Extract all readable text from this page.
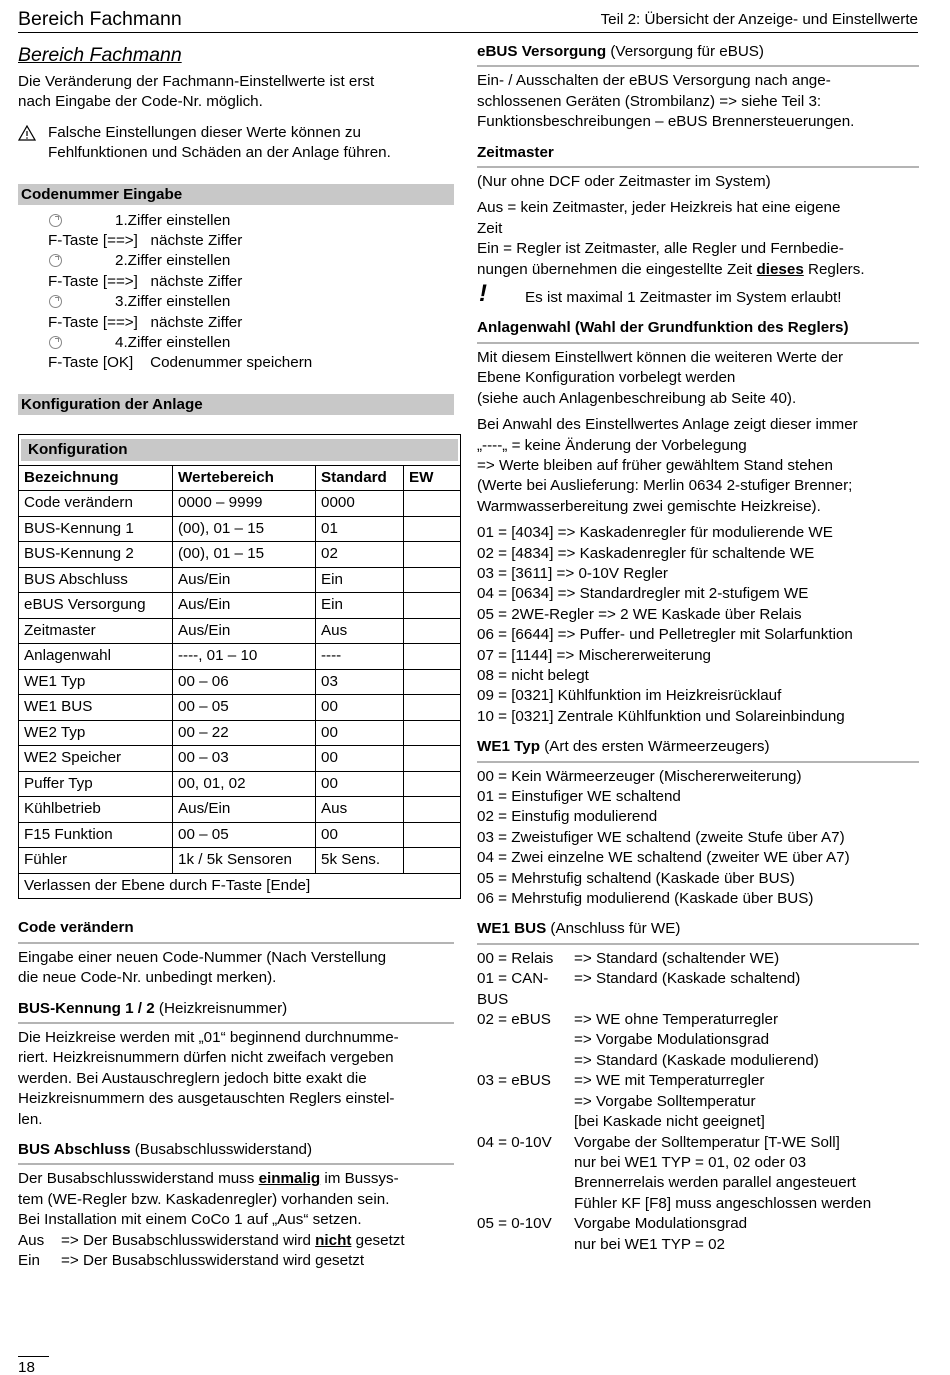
Bereich Fachmann	Teil 2: Übersicht der Anzeige- und Einstellwerte
Bereich Fachmann
Die Veränderung der Fachmann-Einstellwerte ist erst
nach Eingabe der Code-Nr. möglich.
Falsche Einstellungen dieser Werte können zu
Fehlfunktionen und Schäden an der Anlage führen.
Codenummer Eingabe
1.Ziffer einstellen
F-Taste [==>]   nächste Ziffer
2.Ziffer einstellen
F-Taste [==>]   nächste Ziffer
3.Ziffer einstellen
F-Taste [==>]   nächste Ziffer
4.Ziffer einstellen
F-Taste [OK]    Codenummer speichern
Konfiguration der Anlage
Konfiguration			

Bezeichnung	Wertebereich	Standard	EW
Code verändern	0000 – 9999	0000	
BUS-Kennung 1	(00), 01 – 15	01	
BUS-Kennung 2	(00), 01 – 15	02	
BUS Abschluss	Aus/Ein	Ein	
eBUS Versorgung	Aus/Ein	Ein	
Zeitmaster	Aus/Ein	Aus	
Anlagenwahl	----, 01 – 10	----	
WE1 Typ	00 – 06	03	
WE1 BUS	00 – 05	00	
WE2 Typ	00 – 22	00	
WE2 Speicher	00 – 03	00	
Puffer Typ	00, 01, 02	00	
Kühlbetrieb	Aus/Ein	Aus	
F15 Funktion	00 – 05	00	
Fühler	1k / 5k Sensoren	5k Sens.	
Verlassen der Ebene durch F-Taste [Ende]			
Code verändern
Eingabe einer neuen Code-Nummer (Nach Verstellung
die neue Code-Nr. unbedingt merken).
BUS-Kennung 1 / 2 (Heizkreisnummer)
Die Heizkreise werden mit „01“ beginnend durchnumme-
riert. Heizkreisnummern dürfen nicht zweifach vergeben
werden. Bei Austauschreglern jedoch bitte exakt die
Heizkreisnummern des ausgetauschten Reglers einstel-
len.
BUS Abschluss (Busabschlusswiderstand)
Der Busabschlusswiderstand muss einmalig im Bussys-
tem (WE-Regler bzw. Kaskadenregler) vorhanden sein.
Bei Installation mit einem CoCo 1 auf „Aus“ setzen.
Aus    => Der Busabschlusswiderstand wird nicht gesetzt
Ein     => Der Busabschlusswiderstand wird gesetzt
eBUS Versorgung (Versorgung für eBUS)
Ein- / Ausschalten der eBUS Versorgung nach ange-
schlossenen Geräten (Strombilanz) => siehe Teil 3:
Funktionsbeschreibungen – eBUS Brennersteuerungen.
Zeitmaster
(Nur ohne DCF oder Zeitmaster im System)
Aus = kein Zeitmaster, jeder Heizkreis hat eine eigene
Zeit
Ein = Regler ist Zeitmaster, alle Regler und Fernbedie-
nungen übernehmen die eingestellte Zeit dieses Reglers.
!	Es ist maximal 1 Zeitmaster im System erlaubt!
Anlagenwahl (Wahl der Grundfunktion des Reglers)
Mit diesem Einstellwert können die weiteren Werte der
Ebene Konfiguration vorbelegt werden
(siehe auch Anlagenbeschreibung ab Seite 40).
Bei Anwahl des Einstellwertes Anlage zeigt dieser immer
„----„ = keine Änderung der Vorbelegung
=> Werte bleiben auf früher gewähltem Stand stehen
(Werte bei Auslieferung: Merlin 0634 2-stufiger Brenner;
Warmwasserbereitung zwei gemischte Heizkreise).
01 = [4034] => Kaskadenregler für modulierende WE
02 = [4834] => Kaskadenregler für schaltende WE
03 = [3611] => 0-10V Regler
04 = [0634] => Standardregler mit 2-stufigem WE
05 = 2WE-Regler => 2 WE Kaskade über Relais
06 = [6644] => Puffer- und Pelletregler mit Solarfunktion
07 = [1144] => Mischererweiterung
08 = nicht belegt
09 = [0321] Kühlfunktion im Heizkreisrücklauf
10 = [0321] Zentrale Kühlfunktion und Solareinbindung
WE1 Typ (Art des ersten Wärmeerzeugers)
00 = Kein Wärmeerzeuger (Mischererweiterung)
01 = Einstufiger WE schaltend
02 = Einstufig modulierend
03 = Zweistufiger WE schaltend (zweite Stufe über A7)
04 = Zwei einzelne WE schaltend (zweiter WE über A7)
05 = Mehrstufig schaltend (Kaskade über BUS)
06 = Mehrstufig modulierend (Kaskade über BUS)
WE1 BUS (Anschluss für WE)
00 = Relais	=> Standard (schaltender WE)
01 = CAN-BUS
=> Standard (Kaskade schaltend)
02 = eBUS	=> WE ohne Temperaturregler
=> Vorgabe Modulationsgrad
=> Standard (Kaskade modulierend)
03 = eBUS	=> WE mit Temperaturregler
=> Vorgabe Solltemperatur
[bei Kaskade nicht geeignet]
04 = 0-10V	Vorgabe der Solltemperatur [T-WE Soll]
nur bei WE1 TYP = 01, 02 oder 03
Brennerrelais werden parallel angesteuert
Fühler KF [F8] muss angeschlossen werden
05 = 0-10V	Vorgabe Modulationsgrad
nur bei WE1 TYP = 02
18
